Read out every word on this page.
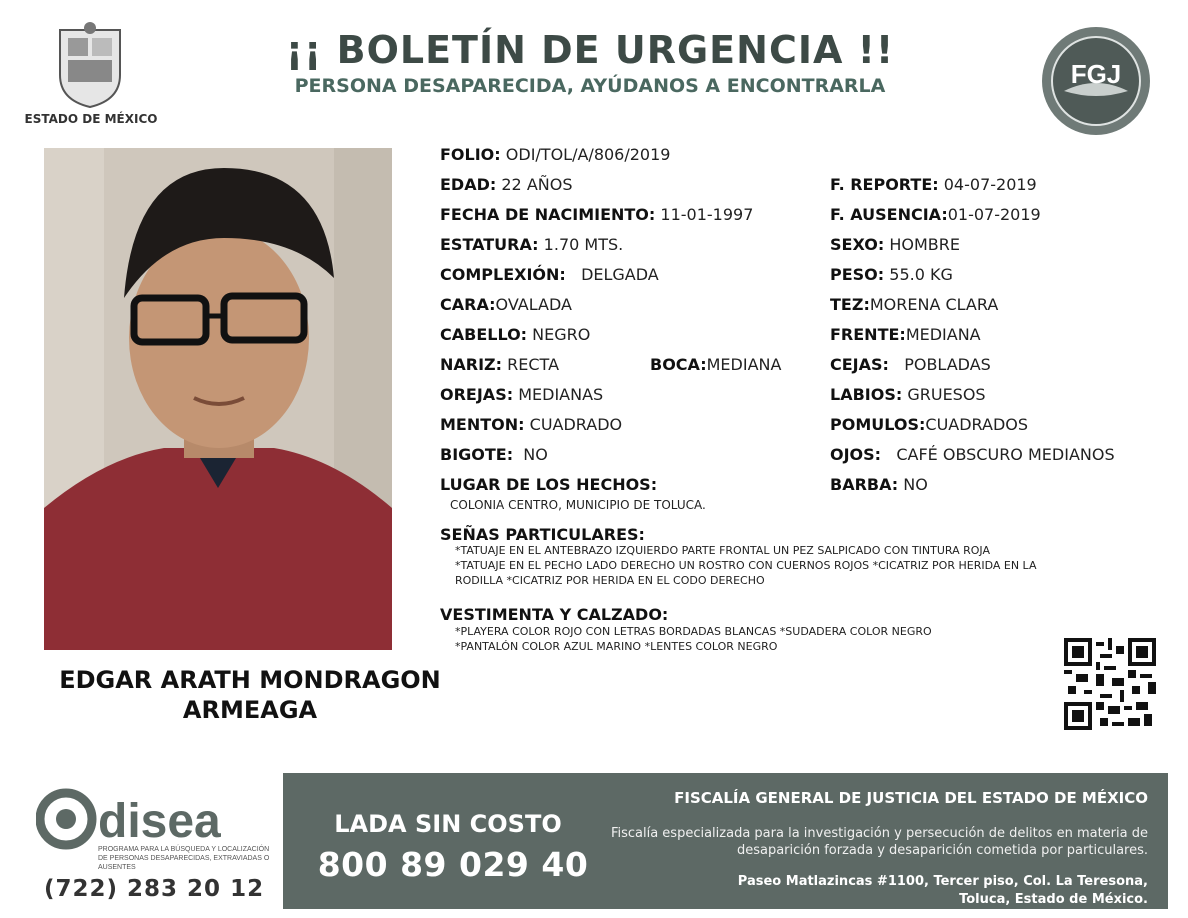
ESTADO DE MÉXICO
¡¡ BOLETÍN DE URGENCIA !!
PERSONA DESAPARECIDA, AYÚDANOS A ENCONTRARLA	FGJ
EDGAR ARATH MONDRAGON
ARMEAGA
FOLIO: ODI/TOL/A/806/2019
EDAD: 22 AÑOS
FECHA DE NACIMIENTO: 11-01-1997
ESTATURA: 1.70 MTS.
COMPLEXIÓN: DELGADA
CARA:OVALADA
CABELLO: NEGRO
NARIZ: RECTA	BOCA:MEDIANA
OREJAS: MEDIANAS
MENTON: CUADRADO
BIGOTE: NO
LUGAR DE LOS HECHOS:
COLONIA CENTRO, MUNICIPIO DE TOLUCA.
F. REPORTE: 04-07-2019
F. AUSENCIA:01-07-2019
SEXO: HOMBRE
PESO: 55.0 KG
TEZ:MORENA CLARA
FRENTE:MEDIANA
CEJAS: POBLADAS
LABIOS: GRUESOS
POMULOS:CUADRADOS
OJOS: CAFÉ OBSCURO MEDIANOS
BARBA: NO
SEÑAS PARTICULARES:
*TATUAJE EN EL ANTEBRAZO IZQUIERDO PARTE FRONTAL UN PEZ SALPICADO CON TINTURA ROJA
*TATUAJE EN EL PECHO LADO DERECHO UN ROSTRO CON CUERNOS ROJOS *CICATRIZ POR HERIDA EN LA
RODILLA *CICATRIZ POR HERIDA EN EL CODO DERECHO
VESTIMENTA Y CALZADO:
*PLAYERA COLOR ROJO CON LETRAS BORDADAS BLANCAS *SUDADERA COLOR NEGRO
*PANTALÓN COLOR AZUL MARINO *LENTES COLOR NEGRO
disea
PROGRAMA PARA LA BÚSQUEDA Y LOCALIZACIÓN
DE PERSONAS DESAPARECIDAS, EXTRAVIADAS O
AUSENTES
(722) 283 20 12
LADA SIN COSTO
800 89 029 40
FISCALÍA GENERAL DE JUSTICIA DEL ESTADO DE MÉXICO
Fiscalía especializada para la investigación y persecución de delitos en materia de desaparición forzada y desaparición cometida por particulares.
Paseo Matlazincas #1100, Tercer piso, Col. La Teresona,
Toluca, Estado de México.
